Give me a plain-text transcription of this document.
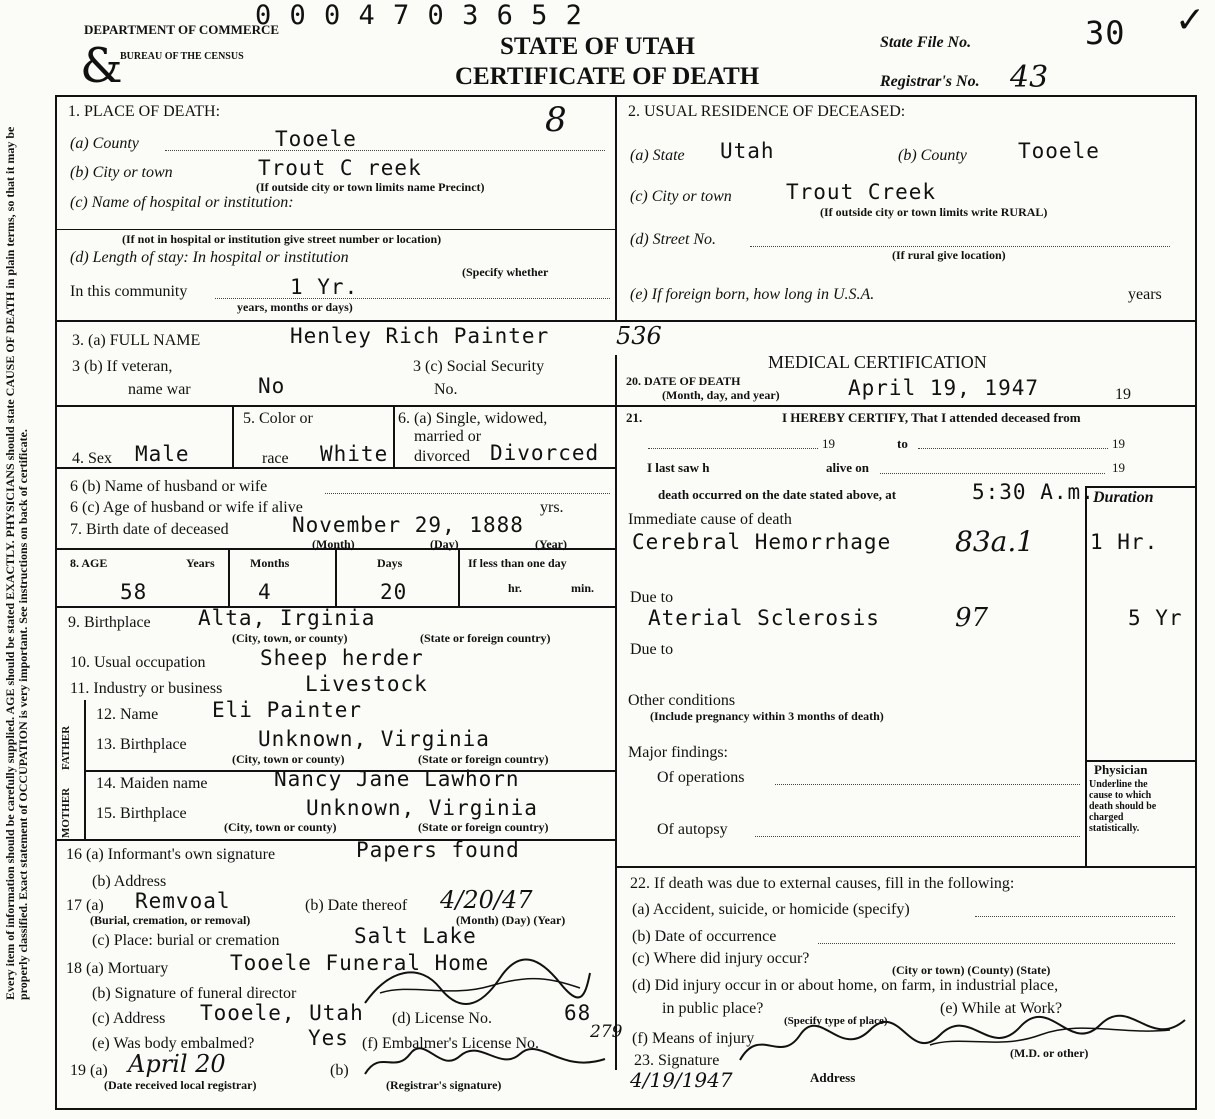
0 0 0 4 7 0 3 6 5 2
DEPARTMENT OF COMMERCE
BUREAU OF THE CENSUS
&	STATE OF UTAH
CERTIFICATE OF DEATH
State File No.	30
Registrar's No. 43
✓
Every item of information should be carefully supplied. AGE should be stated EXACTLY. PHYSICIANS should state CAUSE OF DEATH in plain terms, so that it may be properly classified. Exact statement of OCCUPATION is very important. See instructions on back of certificate.	FATHER
MOTHER
1. PLACE OF DEATH:	8
(a) County	Tooele
(b) City or town	Trout C reek
(If outside city or town limits name Precinct)
(c) Name of hospital or institution:
(If not in hospital or institution give street number or location)
(d) Length of stay: In hospital or institution
(Specify whether
In this community	1 Yr.
years, months or days)
2. USUAL RESIDENCE OF DECEASED:
(a) State Utah	(b) County Tooele
(c) City or town	Trout Creek
(If outside city or town limits write RURAL)
(d) Street No.
(If rural give location)
(e) If foreign born, how long in U.S.A.	years
3. (a) FULL NAME	Henley Rich Painter	536
3 (b) If veteran,
name war	No
3 (c) Social Security
No.
MEDICAL CERTIFICATION
20. DATE OF DEATH
(Month, day, and year)	April 19, 1947	19
4. Sex Male
5. Color or
race White
6. (a) Single, widowed,
married or
divorced Divorced
6 (b) Name of husband or wife
6 (c) Age of husband or wife if alive	yrs.
7. Birth date of deceased	November 29, 1888
(Month)	(Day)	(Year)
21.	I HEREBY CERTIFY, That I attended deceased from
19	to	19
I last saw h	alive on	19
death occurred on the date stated above, at	5:30 A.m.
Duration
Immediate cause of death
Cerebral Hemorrhage 83a.1	1 Hr.
Due to
Aterial Sclerosis	97	5 Yr
Due to
Other conditions
(Include pregnancy within 3 months of death)
Major findings:
Of operations
Of autopsy
Physician
Underline the cause to which death should be charged statistically.
8. AGE	Years	Months	Days	If less than one day
58	4	20	hr.	min.
9. Birthplace Alta, Irginia
(City, town, or county)	(State or foreign country)
10. Usual occupation	Sheep herder
11. Industry or business	Livestock
12. Name	Eli Painter
13. Birthplace	Unknown, Virginia
(City, town or county)	(State or foreign country)
14. Maiden name	Nancy Jane Lawhorn
15. Birthplace	Unknown, Virginia
(City, town or county)	(State or foreign country)
16 (a) Informant's own signature	Papers found
(b) Address
17 (a) Remvoal
(Burial, cremation, or removal)
(b) Date thereof 4/20/47
(Month) (Day) (Year)
(c) Place: burial or cremation	Salt Lake
18 (a) Mortuary	Tooele Funeral Home
(b) Signature of funeral director
(c) Address Tooele, Utah (d) License No.	68
(e) Was body embalmed?	Yes (f) Embalmer's License No.
279
19 (a) April 20
(Date received local registrar)
(b)
(Registrar's signature)
22. If death was due to external causes, fill in the following:
(a) Accident, suicide, or homicide (specify)
(b) Date of occurrence
(c) Where did injury occur?
(City or town) (County) (State)
(d) Did injury occur in or about home, on farm, in industrial place,
in public place?	(e) While at Work?
(Specify type of place)
(f) Means of injury
23. Signature	(M.D. or other)
4/19/1947	Address
